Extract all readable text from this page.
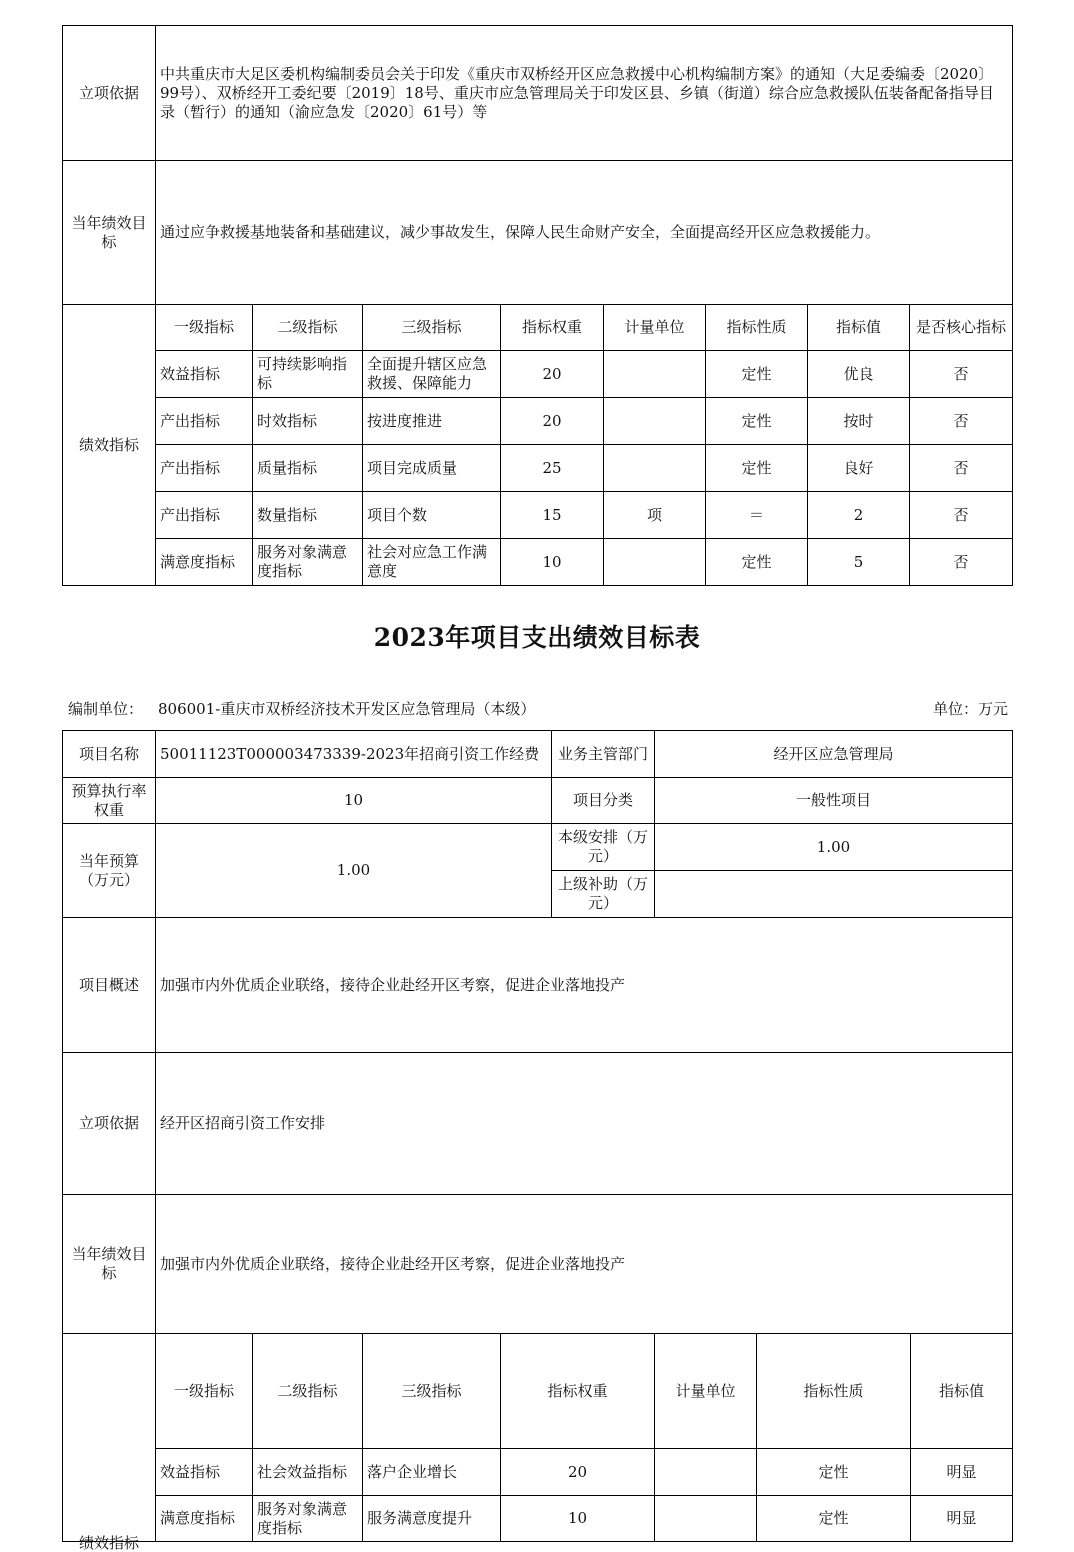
立项依据	中共重庆市大足区委机构编制委员会关于印发《重庆市双桥经开区应急救援中心机构编制方案》的通知（大足委编委〔2020〕99号）、双桥经开工委纪要〔2019〕18号、重庆市应急管理局关于印发区县、乡镇（街道）综合应急救援队伍装备配备指导目录（暂行）的通知（渝应急发〔2020〕61号）等							
当年绩效目标	通过应争救援基地装备和基础建议，减少事故发生，保障人民生命财产安全，全面提高经开区应急救援能力。							
绩效指标	一级指标	二级指标	三级指标	指标权重	计量单位	指标性质	指标值	是否核心指标
	效益指标	可持续影响指标	全面提升辖区应急救援、保障能力	20		定性	优良	否
	产出指标	时效指标	按进度推进	20		定性	按时	否
	产出指标	质量指标	项目完成质量	25		定性	良好	否
	产出指标	数量指标	项目个数	15	项	＝	2	否
	满意度指标	服务对象满意度指标	社会对应急工作满意度	10		定性	5	否
2023年项目支出绩效目标表
编制单位： 806001-重庆市双桥经济技术开发区应急管理局（本级）	单位：万元
项目名称	50011123T000003473339-2023年招商引资工作经费				业务主管部门	经开区应急管理局			
预算执行率权重	10				项目分类	一般性项目			
当年预算（万元）	1.00				本级安排（万元）	1.00			
					上级补助（万元）				
项目概述	加强市内外优质企业联络，接待企业赴经开区考察，促进企业落地投产								
立项依据	经开区招商引资工作安排								
当年绩效目标	加强市内外优质企业联络，接待企业赴经开区考察，促进企业落地投产								
绩效指标	一级指标	二级指标	三级指标	指标权重		计量单位	指标性质	指标值	
	效益指标	社会效益指标	落户企业增长	20			定性	明显	
	满意度指标	服务对象满意度指标	服务满意度提升	10			定性	明显	
